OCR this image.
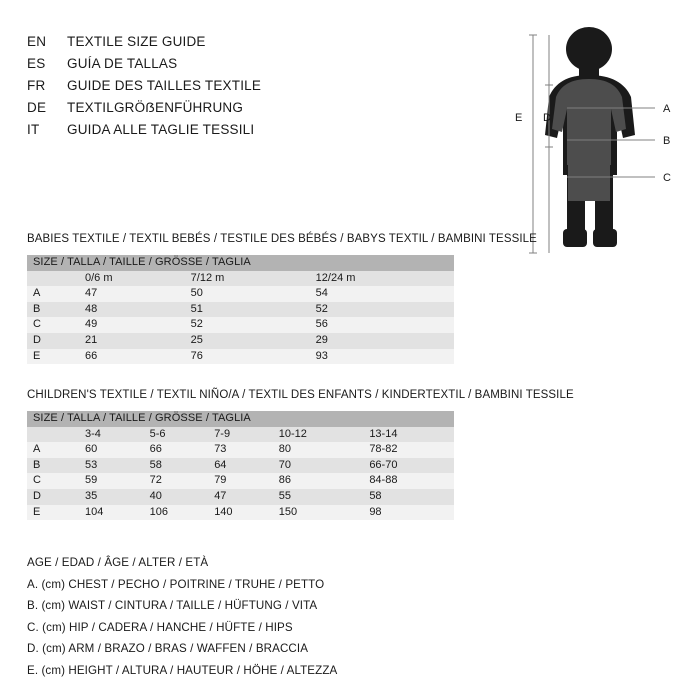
EN	TEXTILE SIZE GUIDE
ES	GUÍA DE TALLAS
FR	GUIDE DES TAILLES TEXTILE
DE	TEXTILGRÖẞENFÜHRUNG
IT	GUIDA ALLE TAGLIE TESSILI
A
B
C
D
E
BABIES TEXTILE / TEXTIL BEBÉS / TESTILE DES BÉBÉS / BABYS TEXTIL / BAMBINI TESSILE
SIZE / TALLA / TAILLE / GRÖSSE / TAGLIA			
	0/6 m	7/12 m	12/24 m
A	47	50	54
B	48	51	52
C	49	52	56
D	21	25	29
E	66	76	93
CHILDREN'S TEXTILE / TEXTIL NIÑO/A / TEXTIL DES ENFANTS / KINDERTEXTIL / BAMBINI TESSILE
SIZE / TALLA / TAILLE / GRÖSSE / TAGLIA					
	3-4	5-6	7-9	10-12	13-14
A	60	66	73	80	78-82
B	53	58	64	70	66-70
C	59	72	79	86	84-88
D	35	40	47	55	58
E	104	106	140	150	98
AGE / EDAD / ÂGE / ALTER / ETÀ
A. (cm) CHEST / PECHO / POITRINE / TRUHE / PETTO
B. (cm) WAIST / CINTURA / TAILLE / HÜFTUNG / VITA
C. (cm) HIP / CADERA / HANCHE / HÜFTE / HIPS
D. (cm) ARM / BRAZO / BRAS / WAFFEN / BRACCIA
E. (cm) HEIGHT / ALTURA / HAUTEUR / HÖHE / ALTEZZA
